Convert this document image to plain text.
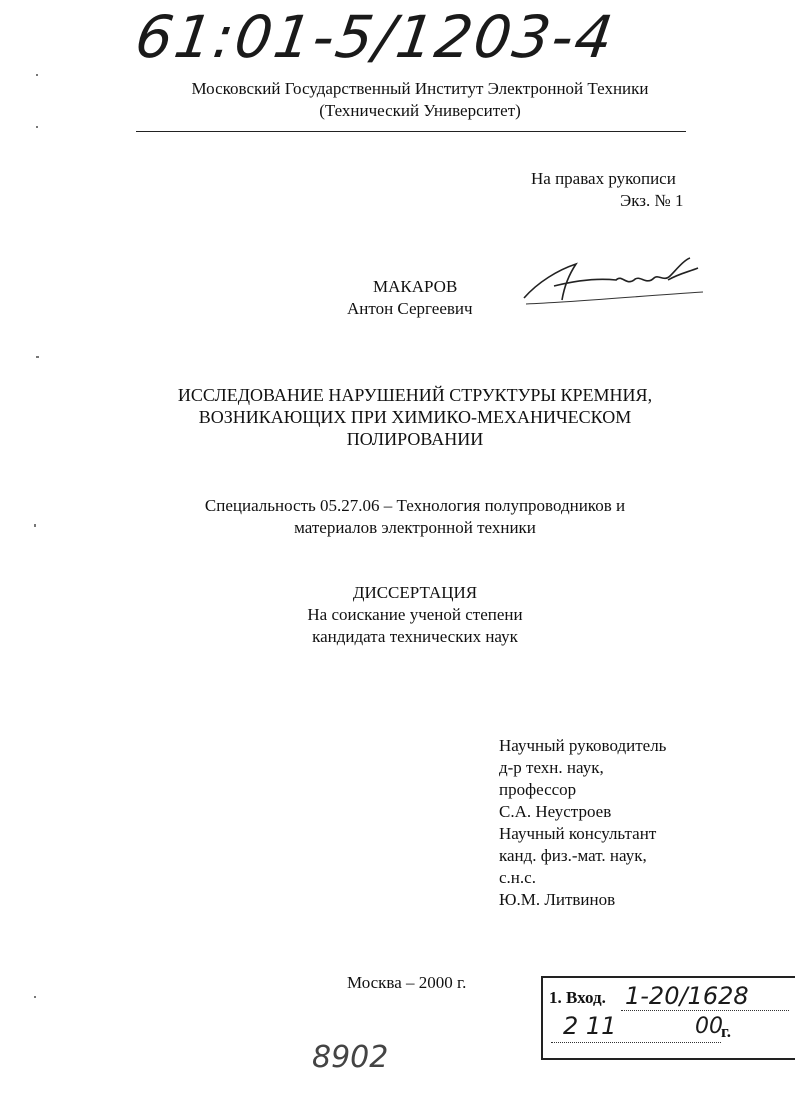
61:01-5/1203-4
Московский Государственный Институт Электронной Техники
(Технический Университет)
На правах рукописи
Экз. № 1
МАКАРОВ
Антон Сергеевич
ИССЛЕДОВАНИЕ НАРУШЕНИЙ СТРУКТУРЫ КРЕМНИЯ,
ВОЗНИКАЮЩИХ ПРИ ХИМИКО-МЕХАНИЧЕСКОМ
ПОЛИРОВАНИИ
Специальность 05.27.06 – Технология полупроводников и
материалов электронной техники
ДИССЕРТАЦИЯ
На соискание ученой степени
кандидата технических наук
Научный руководитель
д-р техн. наук,
профессор
С.А. Неустроев
Научный консультант
канд. физ.-мат. наук,
с.н.с.
Ю.М. Литвинов
Москва – 2000 г.
1. Вход. 1-20/1628
2 11	00
г.
8902
